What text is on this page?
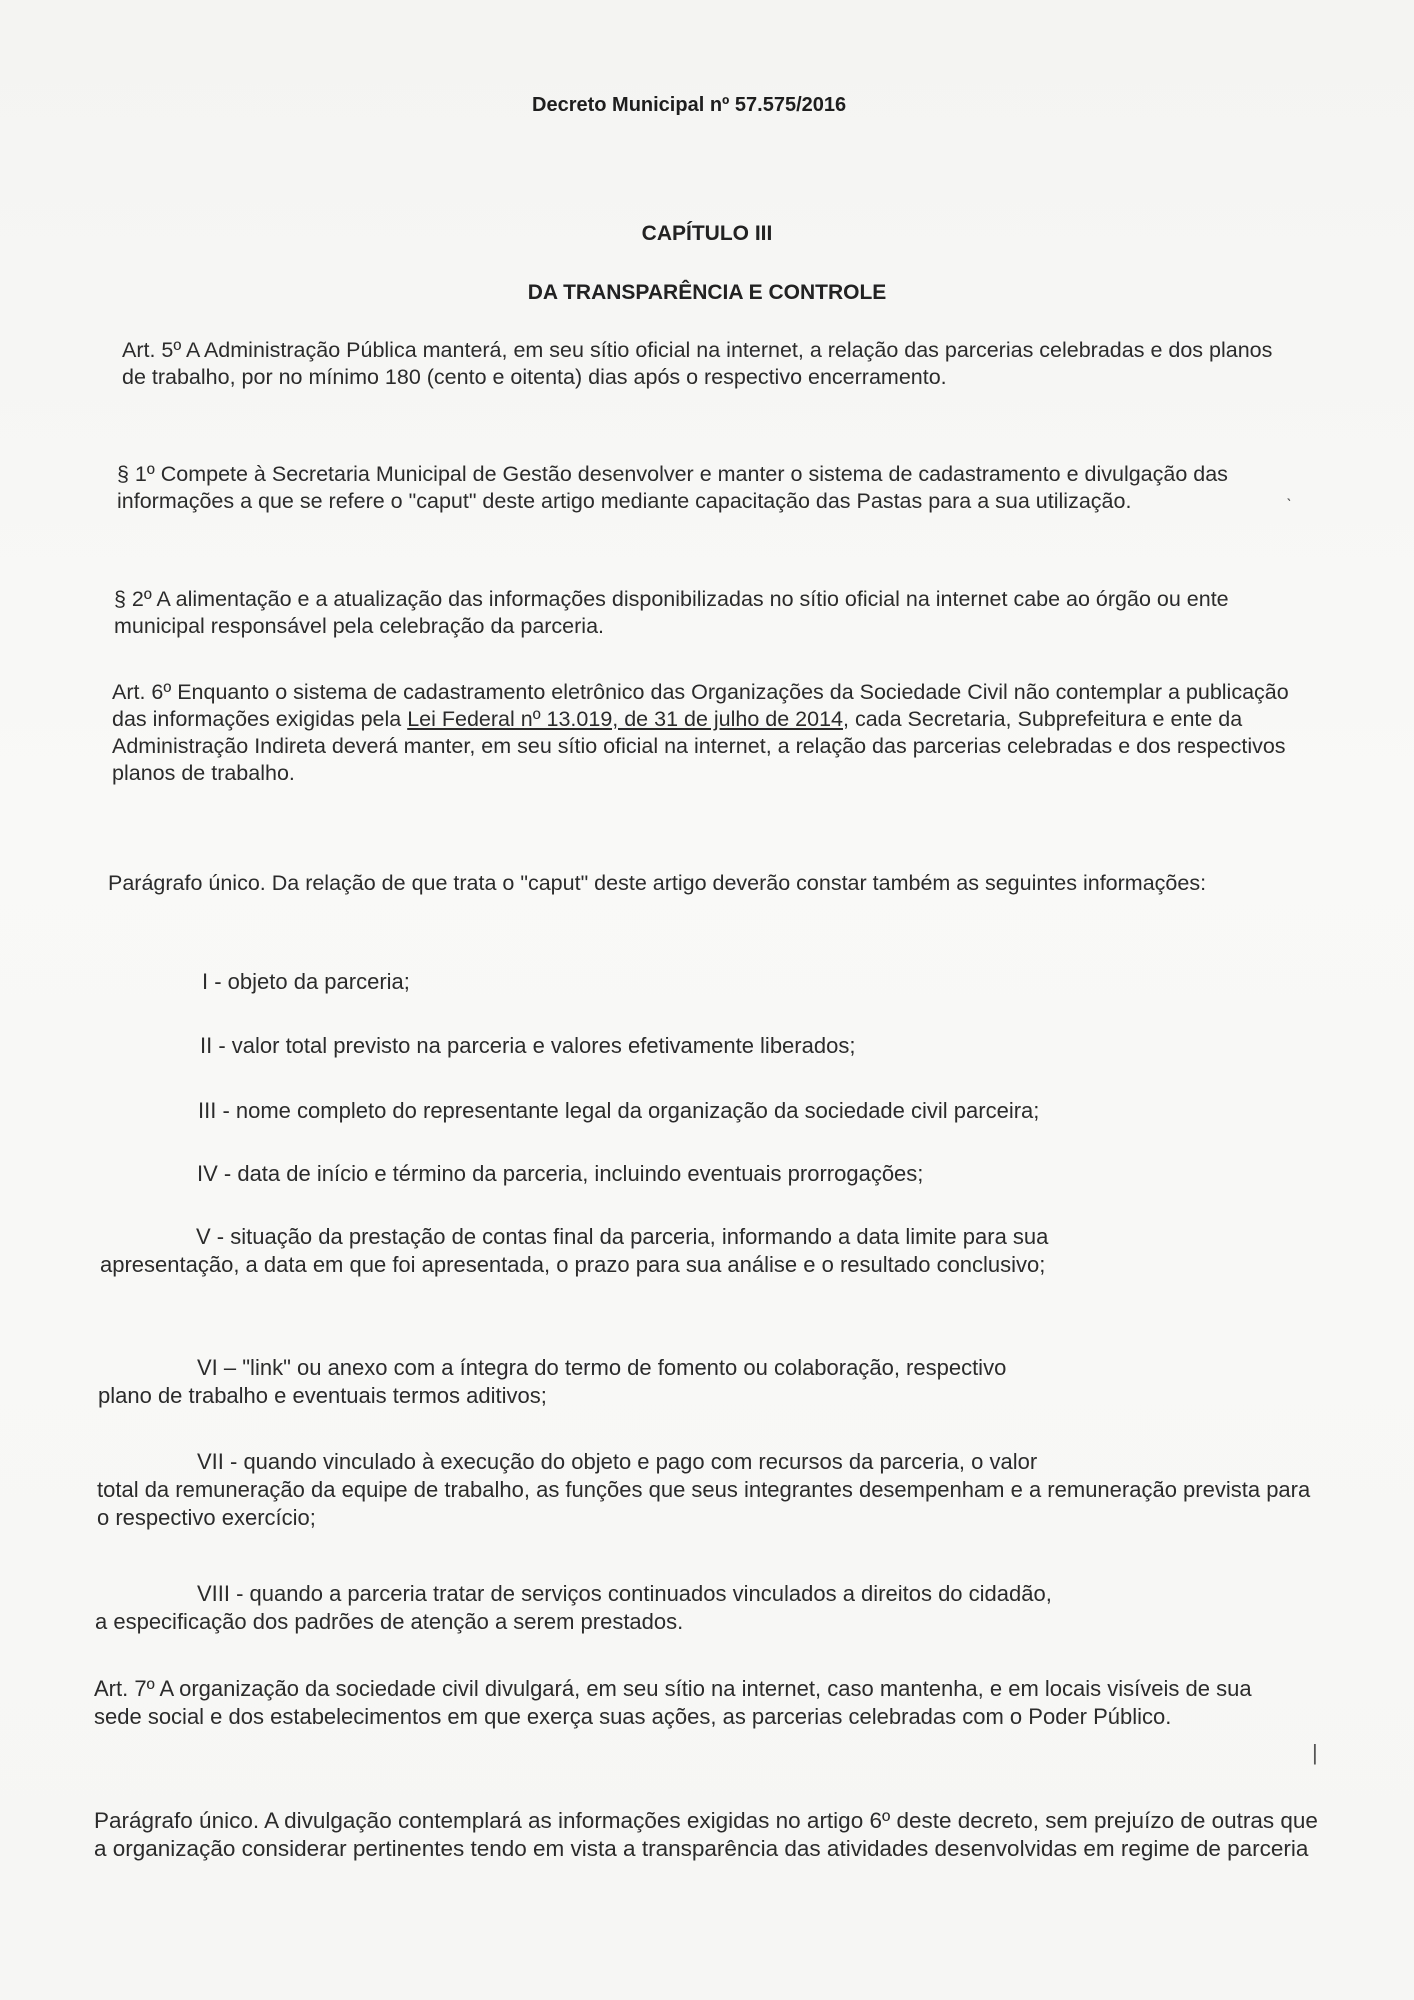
Decreto Municipal nº 57.575/2016
CAPÍTULO III
DA TRANSPARÊNCIA E CONTROLE
Art. 5º A Administração Pública manterá, em seu sítio oficial na internet, a relação das parcerias celebradas e dos planos de trabalho, por no mínimo 180 (cento e oitenta) dias após o respectivo encerramento.
§ 1º Compete à Secretaria Municipal de Gestão desenvolver e manter o sistema de cadastramento e divulgação das informações a que se refere o "caput" deste artigo mediante capacitação das Pastas para a sua utilização.
§ 2º A alimentação e a atualização das informações disponibilizadas no sítio oficial na internet cabe ao órgão ou ente municipal responsável pela celebração da parceria.
Art. 6º Enquanto o sistema de cadastramento eletrônico das Organizações da Sociedade Civil não contemplar a publicação das informações exigidas pela Lei Federal nº 13.019, de 31 de julho de 2014, cada Secretaria, Subprefeitura e ente da Administração Indireta deverá manter, em seu sítio oficial na internet, a relação das parcerias celebradas e dos respectivos planos de trabalho.
Parágrafo único. Da relação de que trata o "caput" deste artigo deverão constar também as seguintes informações:
I - objeto da parceria;
II - valor total previsto na parceria e valores efetivamente liberados;
III - nome completo do representante legal da organização da sociedade civil parceira;
IV - data de início e término da parceria, incluindo eventuais prorrogações;
V - situação da prestação de contas final da parceria, informando a data limite para sua
apresentação, a data em que foi apresentada, o prazo para sua análise e o resultado conclusivo;
VI – "link" ou anexo com a íntegra do termo de fomento ou colaboração, respectivo
plano de trabalho e eventuais termos aditivos;
VII - quando vinculado à execução do objeto e pago com recursos da parceria, o valor
total da remuneração da equipe de trabalho, as funções que seus integrantes desempenham e a remuneração prevista para o respectivo exercício;
VIII - quando a parceria tratar de serviços continuados vinculados a direitos do cidadão,
a especificação dos padrões de atenção a serem prestados.
Art. 7º A organização da sociedade civil divulgará, em seu sítio na internet, caso mantenha, e em locais visíveis de sua sede social e dos estabelecimentos em que exerça suas ações, as parcerias celebradas com o Poder Público.
Parágrafo único. A divulgação contemplará as informações exigidas no artigo 6º deste decreto, sem prejuízo de outras que a organização considerar pertinentes tendo em vista a transparência das atividades desenvolvidas em regime de parceria
ˋ
|
